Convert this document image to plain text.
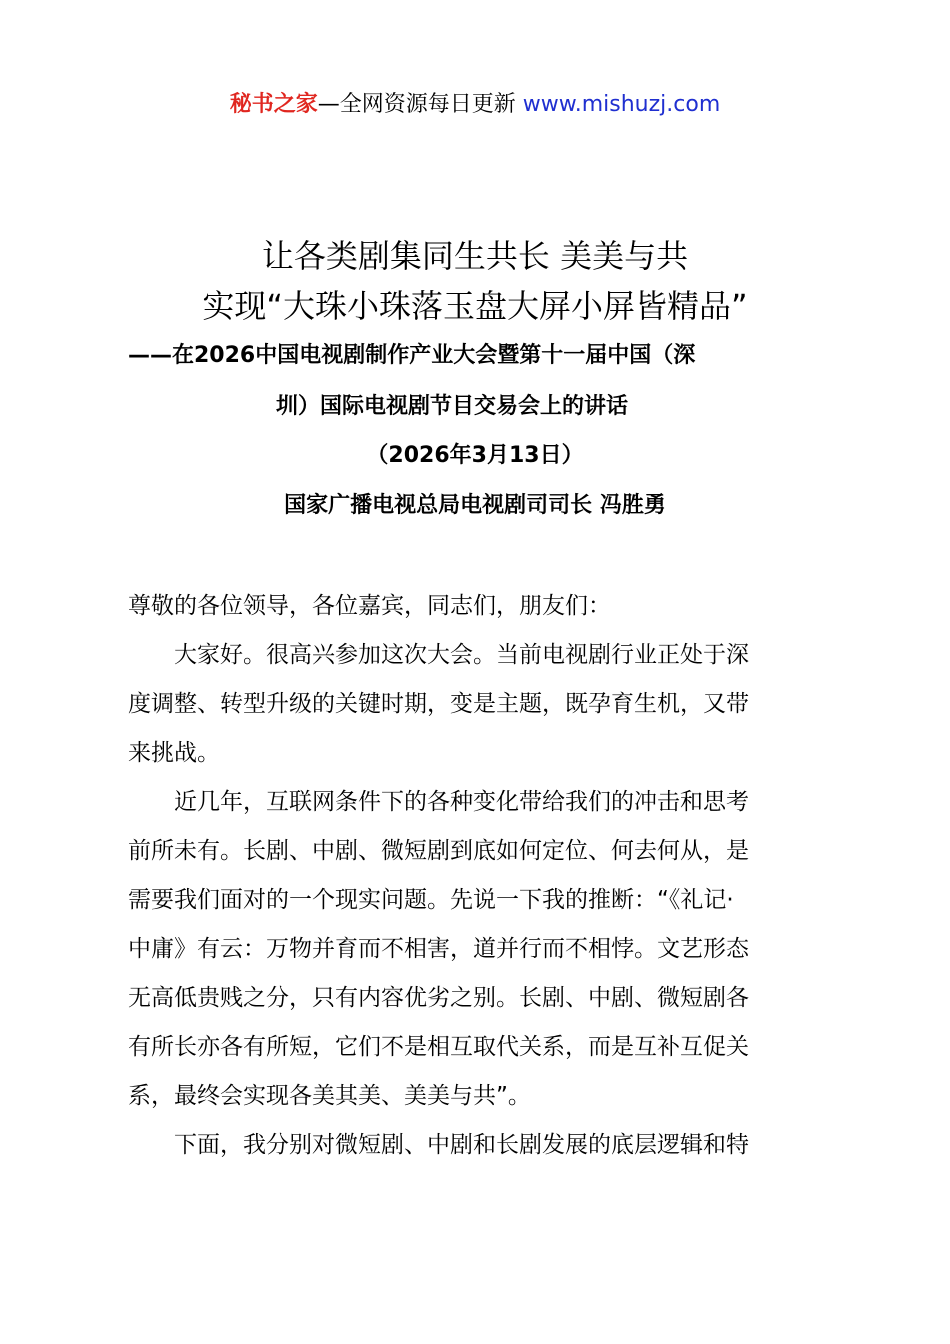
秘书之家—全网资源每日更新 www.mishuzj.com
让各类剧集同生共长 美美与共
实现“大珠小珠落玉盘大屏小屏皆精品”
——在2026中国电视剧制作产业大会暨第十一届中国（深
圳）国际电视剧节目交易会上的讲话
（2026年3月13日）
国家广播电视总局电视剧司司长 冯胜勇
尊敬的各位领导，各位嘉宾，同志们，朋友们：
　　大家好。很高兴参加这次大会。当前电视剧行业正处于深
度调整、转型升级的关键时期，变是主题，既孕育生机，又带
来挑战。
　　近几年，互联网条件下的各种变化带给我们的冲击和思考
前所未有。长剧、中剧、微短剧到底如何定位、何去何从，是
需要我们面对的一个现实问题。先说一下我的推断：“《礼记·
中庸》有云：万物并育而不相害，道并行而不相悖。文艺形态
无高低贵贱之分，只有内容优劣之别。长剧、中剧、微短剧各
有所长亦各有所短，它们不是相互取代关系，而是互补互促关
系，最终会实现各美其美、美美与共”。
　　下面，我分别对微短剧、中剧和长剧发展的底层逻辑和特
